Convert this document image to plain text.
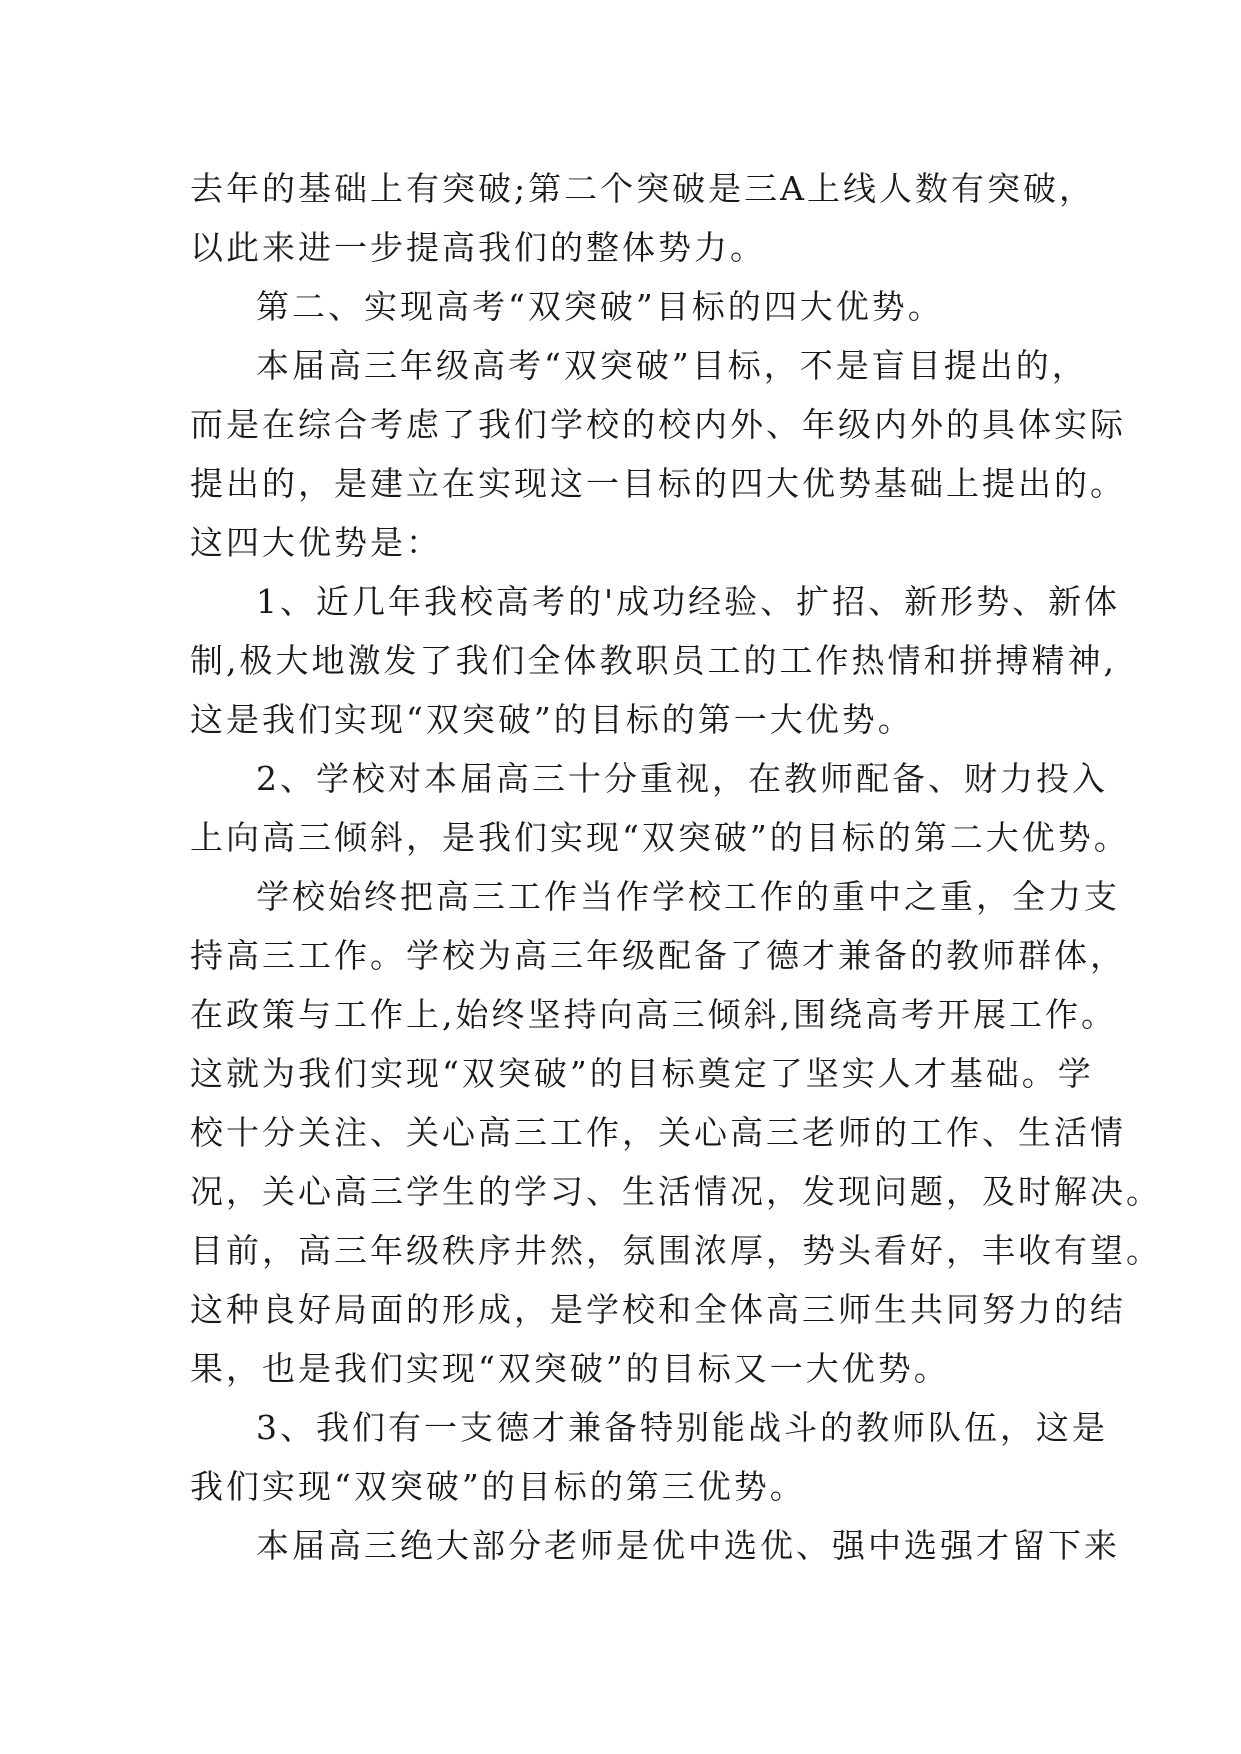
去年的基础上有突破;第二个突破是三A上线人数有突破，
以此来进一步提高我们的整体势力。
第二、实现高考“双突破”目标的四大优势。
本届高三年级高考“双突破”目标，不是盲目提出的，
而是在综合考虑了我们学校的校内外、年级内外的具体实际
提出的，是建立在实现这一目标的四大优势基础上提出的。
这四大优势是：
1、近几年我校高考的'成功经验、扩招、新形势、新体
制,极大地激发了我们全体教职员工的工作热情和拼搏精神,
这是我们实现“双突破”的目标的第一大优势。
2、学校对本届高三十分重视，在教师配备、财力投入
上向高三倾斜，是我们实现“双突破”的目标的第二大优势。
学校始终把高三工作当作学校工作的重中之重，全力支
持高三工作。学校为高三年级配备了德才兼备的教师群体，
在政策与工作上,始终坚持向高三倾斜,围绕高考开展工作。
这就为我们实现“双突破”的目标奠定了坚实人才基础。学
校十分关注、关心高三工作，关心高三老师的工作、生活情
况，关心高三学生的学习、生活情况，发现问题，及时解决。
目前，高三年级秩序井然，氛围浓厚，势头看好，丰收有望。
这种良好局面的形成，是学校和全体高三师生共同努力的结
果，也是我们实现“双突破”的目标又一大优势。
3、我们有一支德才兼备特别能战斗的教师队伍，这是
我们实现“双突破”的目标的第三优势。
本届高三绝大部分老师是优中选优、强中选强才留下来
